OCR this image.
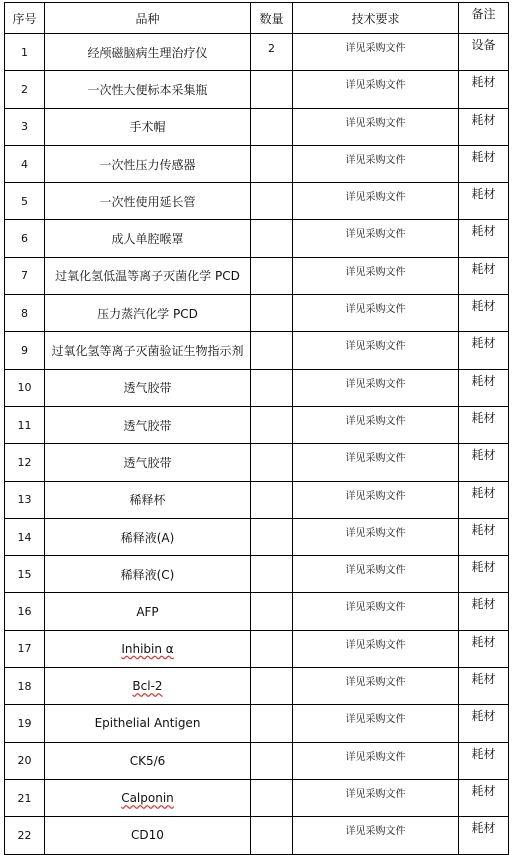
序号	品种	数量	技术要求	备注
1	经颅磁脑病生理治疗仪	2	详见采购文件	设备
2	一次性大便标本采集瓶		详见采购文件	耗材
3	手术帽		详见采购文件	耗材
4	一次性压力传感器		详见采购文件	耗材
5	一次性使用延长管		详见采购文件	耗材
6	成人单腔喉罩		详见采购文件	耗材
7	过氧化氢低温等离子灭菌化学 PCD		详见采购文件	耗材
8	压力蒸汽化学 PCD		详见采购文件	耗材
9	过氧化氢等离子灭菌验证生物指示剂		详见采购文件	耗材
10	透气胶带		详见采购文件	耗材
11	透气胶带		详见采购文件	耗材
12	透气胶带		详见采购文件	耗材
13	稀释杯		详见采购文件	耗材
14	稀释液(A)		详见采购文件	耗材
15	稀释液(C)		详见采购文件	耗材
16	AFP		详见采购文件	耗材
17	Inhibin α		详见采购文件	耗材
18	Bcl-2		详见采购文件	耗材
19	Epithelial Antigen		详见采购文件	耗材
20	CK5/6		详见采购文件	耗材
21	Calponin		详见采购文件	耗材
22	CD10		详见采购文件	耗材
